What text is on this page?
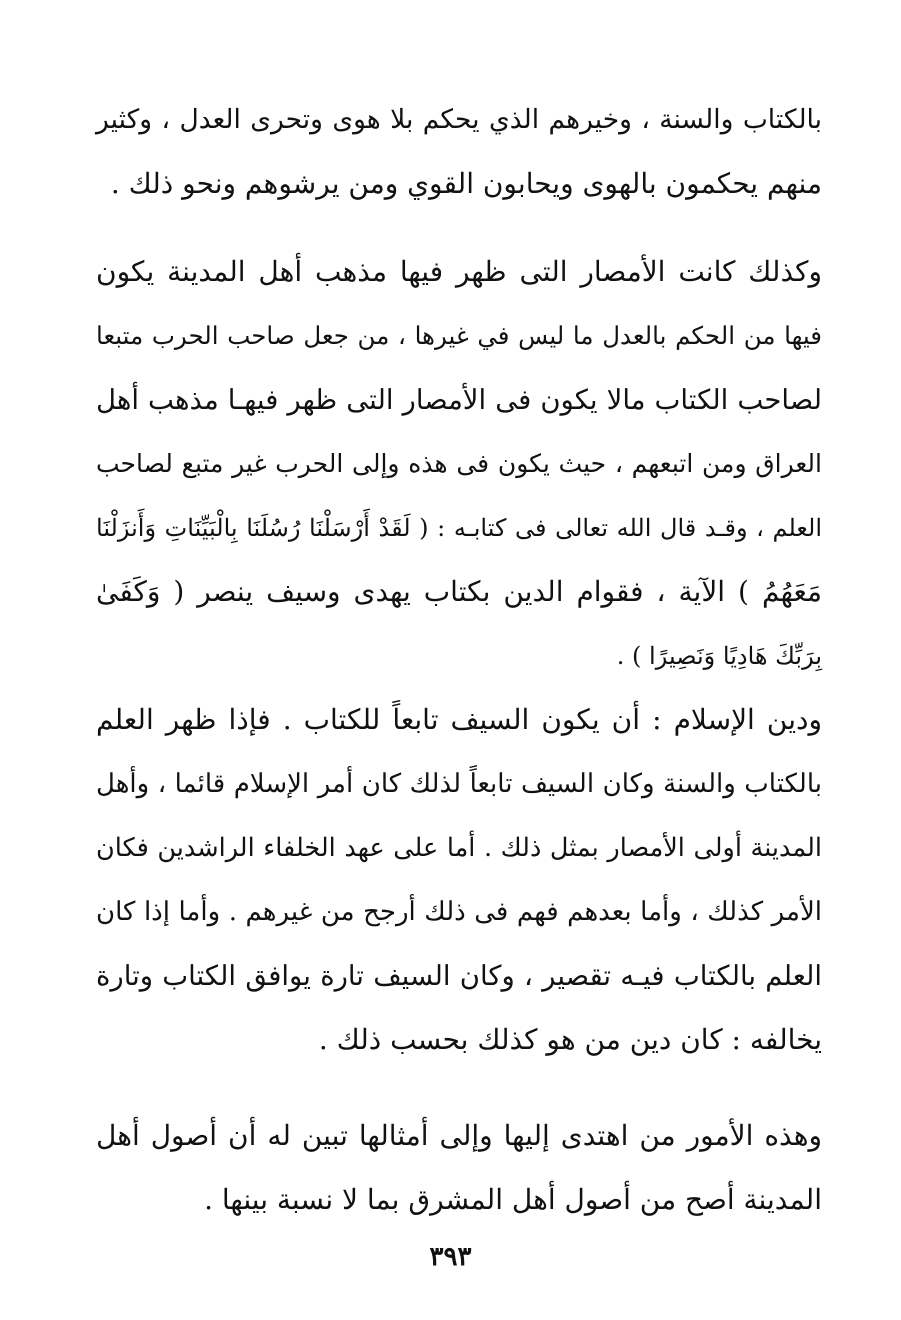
بالكتاب والسنة ، وخيرهم الذي يحكم بلا هوى وتحرى العدل ، وكثير
منهم يحكمون بالهوى ويحابون القوي ومن يرشوهم ونحو ذلك .
وكذلك كانت الأمصار التى ظهر فيها مذهب أهل المدينة يكون
فيها من الحكم بالعدل ما ليس في غيرها ، من جعل صاحب الحرب متبعا
لصاحب الكتاب مالا يكون فى الأمصار التى ظهر فيهـا مذهب أهل
العراق ومن اتبعهم ، حيث يكون فى هذه وإلى الحرب غير متبع لصاحب
العلم ، وقـد قال الله تعالى فى كتابـه : ( لَقَدْ أَرْسَلْنَا رُسُلَنَا بِالْبَيِّنَاتِ وَأَنزَلْنَا
مَعَهُمُ ) الآية ، فقوام الدين بكتاب يهدى وسيف ينصر ( وَكَفَىٰ
بِرَبِّكَ هَادِيًا وَنَصِيرًا ) .
ودين الإسلام : أن يكون السيف تابعاً للكتاب . فإذا ظهر العلم
بالكتاب والسنة وكان السيف تابعاً لذلك كان أمر الإسلام قائما ، وأهل
المدينة أولى الأمصار بمثل ذلك . أما على عهد الخلفاء الراشدين فكان
الأمر كذلك ، وأما بعدهم فهم فى ذلك أرجح من غيرهم . وأما إذا كان
العلم بالكتاب فيـه تقصير ، وكان السيف تارة يوافق الكتاب وتارة
يخالفه : كان دين من هو كذلك بحسب ذلك .
وهذه الأمور من اهتدى إليها وإلى أمثالها تبين له أن أصول أهل
المدينة أصح من أصول أهل المشرق بما لا نسبة بينها .
٣٩٣
